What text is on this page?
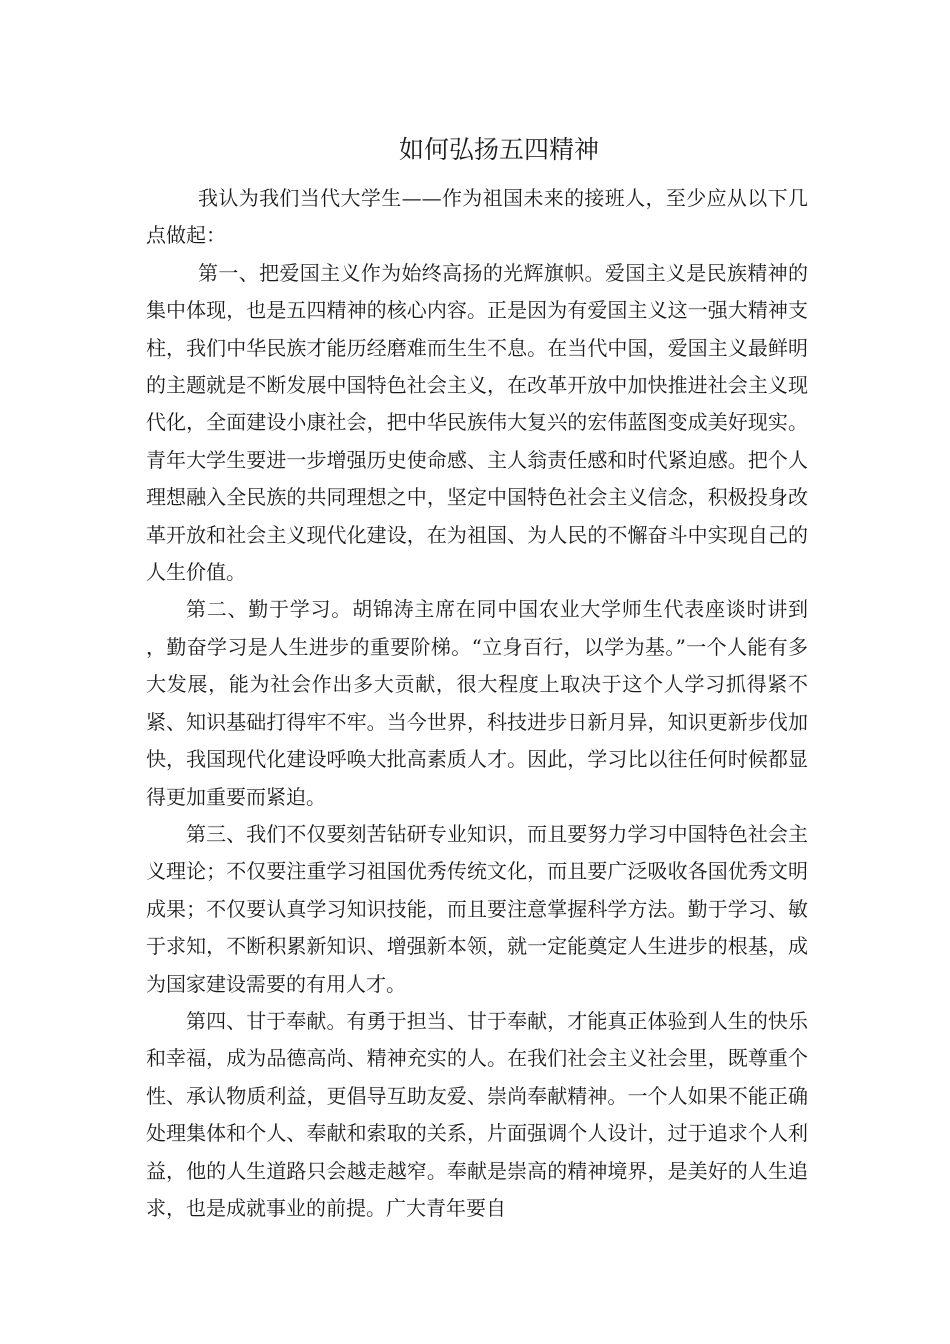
如何弘扬五四精神

我认为我们当代大学生——作为祖国未来的接班人，至少应从以下几点做起：

第一、把爱国主义作为始终高扬的光辉旗帜。爱国主义是民族精神的集中体现，也是五四精神的核心内容。正是因为有爱国主义这一强大精神支柱，我们中华民族才能历经磨难而生生不息。在当代中国，爱国主义最鲜明的主题就是不断发展中国特色社会主义，在改革开放中加快推进社会主义现代化，全面建设小康社会，把中华民族伟大复兴的宏伟蓝图变成美好现实。青年大学生要进一步增强历史使命感、主人翁责任感和时代紧迫感。把个人理想融入全民族的共同理想之中，坚定中国特色社会主义信念，积极投身改革开放和社会主义现代化建设，在为祖国、为人民的不懈奋斗中实现自己的人生价值。

第二、勤于学习。胡锦涛主席在同中国农业大学师生代表座谈时讲到 ，勤奋学习是人生进步的重要阶梯。“立身百行，以学为基。”一个人能有多大发展，能为社会作出多大贡献，很大程度上取决于这个人学习抓得紧不紧、知识基础打得牢不牢。当今世界，科技进步日新月异，知识更新步伐加快，我国现代化建设呼唤大批高素质人才。因此，学习比以往任何时候都显得更加重要而紧迫。

第三、我们不仅要刻苦钻研专业知识，而且要努力学习中国特色社会主义理论；不仅要注重学习祖国优秀传统文化，而且要广泛吸收各国优秀文明成果；不仅要认真学习知识技能，而且要注意掌握科学方法。勤于学习、敏于求知，不断积累新知识、增强新本领，就一定能奠定人生进步的根基，成为国家建设需要的有用人才。

第四、甘于奉献。有勇于担当、甘于奉献，才能真正体验到人生的快乐和幸福，成为品德高尚、精神充实的人。在我们社会主义社会里，既尊重个性、承认物质利益，更倡导互助友爱、崇尚奉献精神。一个人如果不能正确处理集体和个人、奉献和索取的关系，片面强调个人设计，过于追求个人利益，他的人生道路只会越走越窄。奉献是崇高的精神境界，是美好的人生追求，也是成就事业的前提。广大青年要自
